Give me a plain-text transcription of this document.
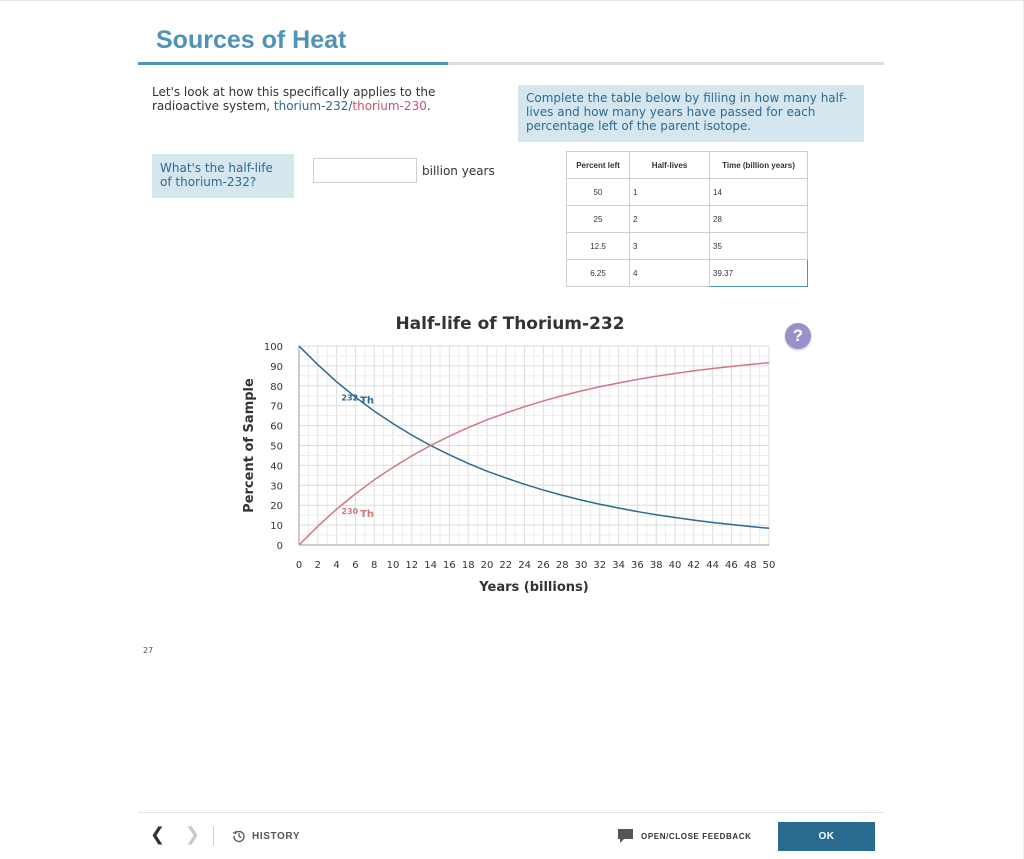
Sources of Heat

Let's look at how this specifically applies to the radioactive system, thorium-232/thorium-230.

Complete the table below by filling in how many half-lives and how many years have passed for each percentage left of the parent isotope.
What's the half-life of thorium-232?
billion years	Percent left	Half-lives	Time (billion years)
50	1	14
25	2	28
12.5	3	35
6.25	4	39.37
0 2 4 6 8 10 12 14 16 18 20 22 24 26 28 30 32 34 36 38 40 42 44 46 48 50
0
10
20
30
40
50
60
70
80
90
100
Half-life of Thorium-232
Years (billions)
Percent of Sample	$^{232}$ Th
$^{230}$ Th
?
27
❮ ❯	HISTORY	OPEN/CLOSE FEEDBACK	OK
